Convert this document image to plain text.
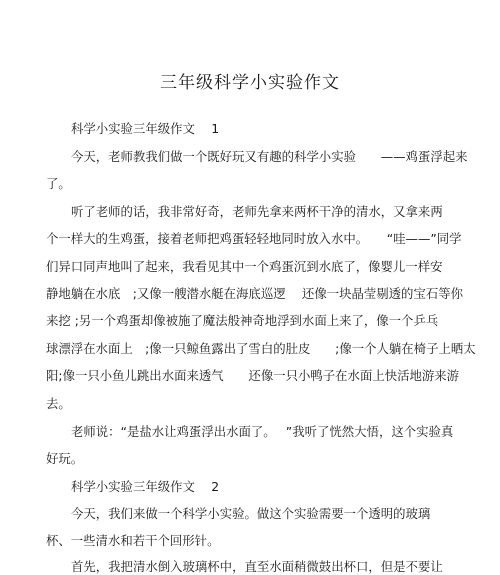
三年级科学小实验作文
科学小实验三年级作文　 1
今天，老师教我们做一个既好玩又有趣的科学小实验　　——鸡蛋浮起来
了。
听了老师的话，我非常好奇，老师先拿来两杯干净的清水，又拿来两
个一样大的生鸡蛋，接着老师把鸡蛋轻轻地同时放入水中。　　“哇——”同学
们异口同声地叫了起来，我看见其中一个鸡蛋沉到水底了，像婴儿一样安
静地躺在水底　;又像一艘潜水艇在海底巡逻　 还像一块晶莹剔透的宝石等你
来挖 ;另一个鸡蛋却像被施了魔法般神奇地浮到水面上来了，像一个乒乓
球漂浮在水面上　;像一只鲸鱼露出了雪白的肚皮　　;像一个人躺在椅子上晒太
阳;像一只小鱼儿跳出水面来透气　　还像一只小鸭子在水面上快活地游来游
去。
老师说：“是盐水让鸡蛋浮出水面了。　 ”我听了恍然大悟，这个实验真
好玩。
科学小实验三年级作文　 2
今天，我们来做一个科学小实验。做这个实验需要一个透明的玻璃
杯、一些清水和若干个回形针。
首先，我把清水倒入玻璃杯中，直至水面稍微鼓出杯口，但是不要让
